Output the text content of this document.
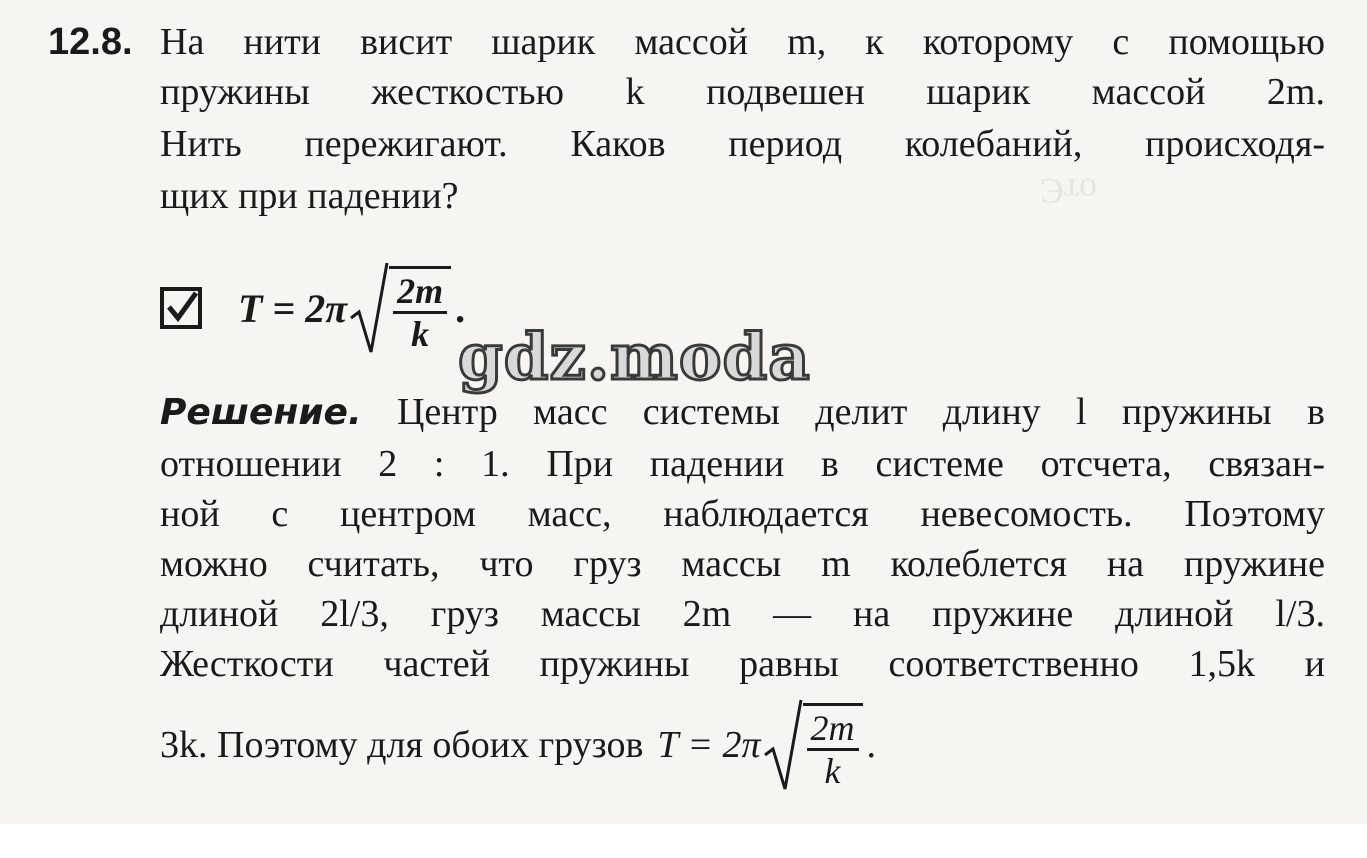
Это
12.8. На нити висит шарик массой m, к которому с помощью
пружины жесткостью k подвешен шарик массой 2m.
Нить пережигают. Каков период колебаний, происходя-
щих при падении?
$T = 2\pi \frac{2m}{k}$ .
gdz.moda
Решение. Центр масс системы делит длину l пружины в
отношении 2 : 1. При падении в системе отсчета, связан-
ной с центром масс, наблюдается невесомость. Поэтому
можно считать, что груз массы m колеблется на пружине
длиной 2l/3, груз массы 2m — на пружине длиной l/3.
Жесткости частей пружины равны соответственно 1,5k и
3k. Поэтому для обоих грузов $T = 2\pi \frac{2m}{k}$ .
